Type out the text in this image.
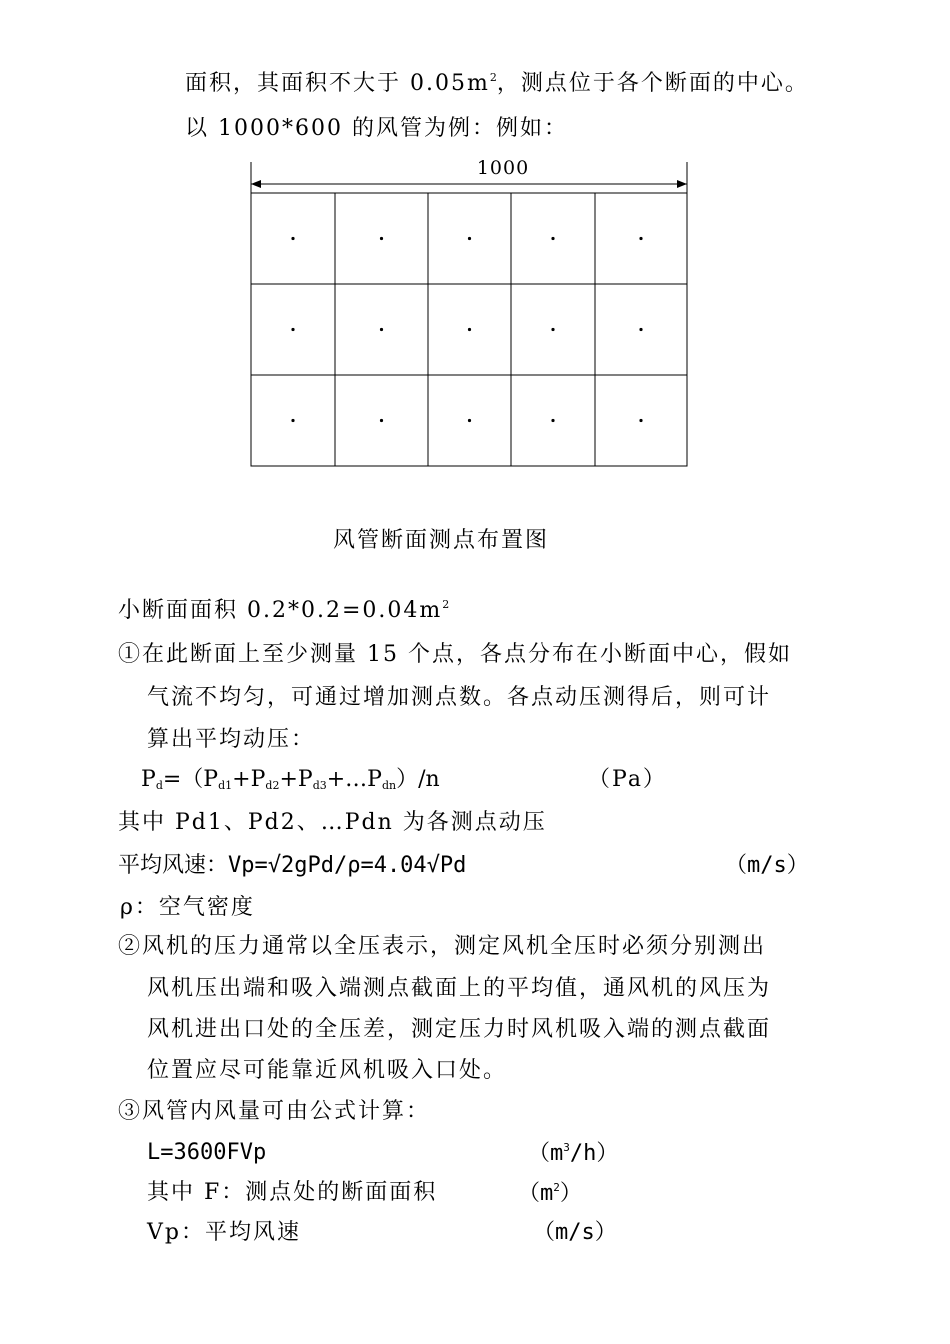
面积，其面积不大于 $0.05m^2$，测点位于各个断面的中心。
以 1000*600 的风管为例：例如：
1000
风管断面测点布置图
小断面面积 $0.2*0.2=0.04m^2$
①在此断面上至少测量 15 个点，各点分布在小断面中心，假如
气流不均匀，可通过增加测点数。各点动压测得后，则可计
算出平均动压：
$P_d=(P_{d1}+P_{d2}+P_{d3}+\dots P_{dn})/n$	（Pa）
其中 Pd1、Pd2、…Pdn 为各测点动压
平均风速：Vp=√2gPd/ρ=4.04√Pd	（m/s）
ρ：空气密度
②风机的压力通常以全压表示，测定风机全压时必须分别测出
风机压出端和吸入端测点截面上的平均值，通风机的风压为
风机进出口处的全压差，测定压力时风机吸入端的测点截面
位置应尽可能靠近风机吸入口处。
③风管内风量可由公式计算：
L=3600FVp	$(m^3/h)$
其中 F：测点处的断面面积	$(m^2)$
Vp：平均风速	（m/s）
